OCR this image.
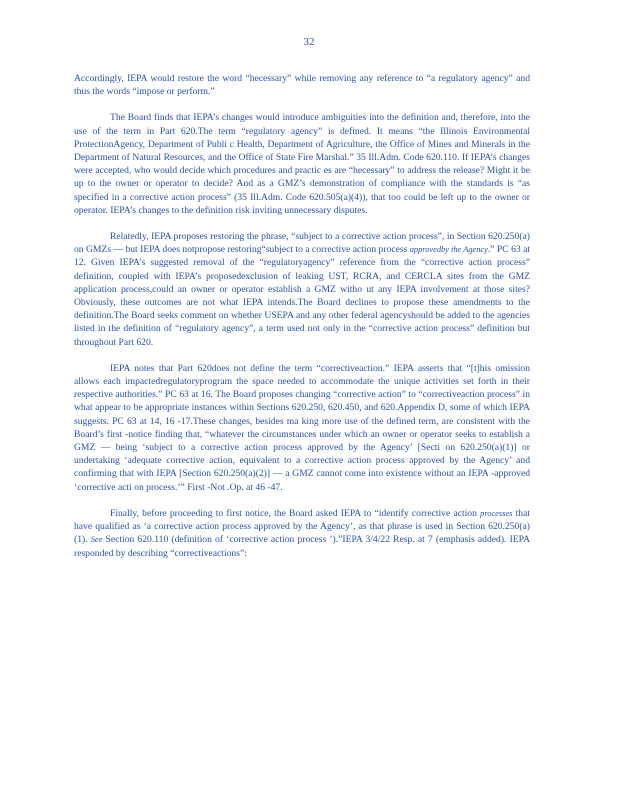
32

Accordingly, IEPA would restore the word “hecessary” while removing any reference to “a regulatory agency” and thus the words “impose or perform.”

The Board finds that IEPA’s changes would introduce ambiguities into the definition and, therefore, into the use of the term in Part 620.The term “regulatory agency” is defined. It means “the Illinois Environmental ProtectionAgency, Department of Publi c Health, Department of Agriculture, the Office of Mines and Minerals in the Department of Natural Resources, and the Office of State Fire Marshal.” 35 Ill.Adm. Code 620.110. If IEPA’s changes were accepted, who would decide which procedures and practic es are “hecessary” to address the release? Might it be up to the owner or operator to decide? And as a GMZ’s demonstration of compliance with the standards is “as specified in a corrective action process” (35 Ill.Adm. Code 620.505(a)(4)), that too could be left up to the owner or operator. IEPA’s changes to the definition risk inviting unnecessary disputes.

Relatedly, IEPA proposes restoring the phrase, “subject to a corrective action process”, in Section 620.250(a) on GMZs — but IEPA does notpropose restoring“subject to a corrective action process approvedby the Agency.” PC 63 at 12. Given IEPA’s suggested removal of the “regulatoryagency” reference from the “corrective action process” definition, coupled with IEPA’s proposedexclusion of leaking UST, RCRA, and CERCLA sites from the GMZ application process,could an owner or operator establish a GMZ witho ut any IEPA involvement at those sites? Obviously, these outcomes are not what IEPA intends.The Board declines to propose these amendments to the definition.The Board seeks comment on whether USEPA and any other federal agencyshould be added to the agencies listed in the definition of “regulatory agency”, a term used not only in the “corrective action process” definition but throughout Part 620.

IEPA notes that Part 620does not define the term “correctiveaction.” IEPA asserts that “[t]his omission allows each impactedregulatoryprogram the space needed to accommodate the unique activities set forth in their respective authorities.” PC 63 at 16. The Board proposes changing “corrective action” to “correctiveaction process” in what appear to be appropriate instances within Sections 620.250, 620.450, and 620.Appendix D, some of which IEPA suggests. PC 63 at 14, 16 -17.These changes, besides ma king more use of the defined term, are consistent with the Board’s first -notice finding that, “whatever the circumstances under which an owner or operator seeks to establish a GMZ — being ‘subject to a corrective action process approved by the Agency’ [Secti on 620.250(a)(1)] or undertaking ‘adequate corrective action, equivalent to a corrective action process approved by the Agency’ and confirming that with IEPA [Section 620.250(a)(2)] — a GMZ cannot come into existence without an IEPA -approved ‘corrective acti on process.’” First -Not .Op. at 46 -47.

Finally, before proceeding to first notice, the Board asked IEPA to “identify corrective action processes that have qualified as ‘a corrective action process approved by the Agency’, as that phrase is used in Section 620.250(a)(1). See Section 620.110 (definition of ‘corrective action process ’).”IEPA 3/4/22 Resp. at 7 (emphasis added). IEPA responded by describing “correctiveactions”:
